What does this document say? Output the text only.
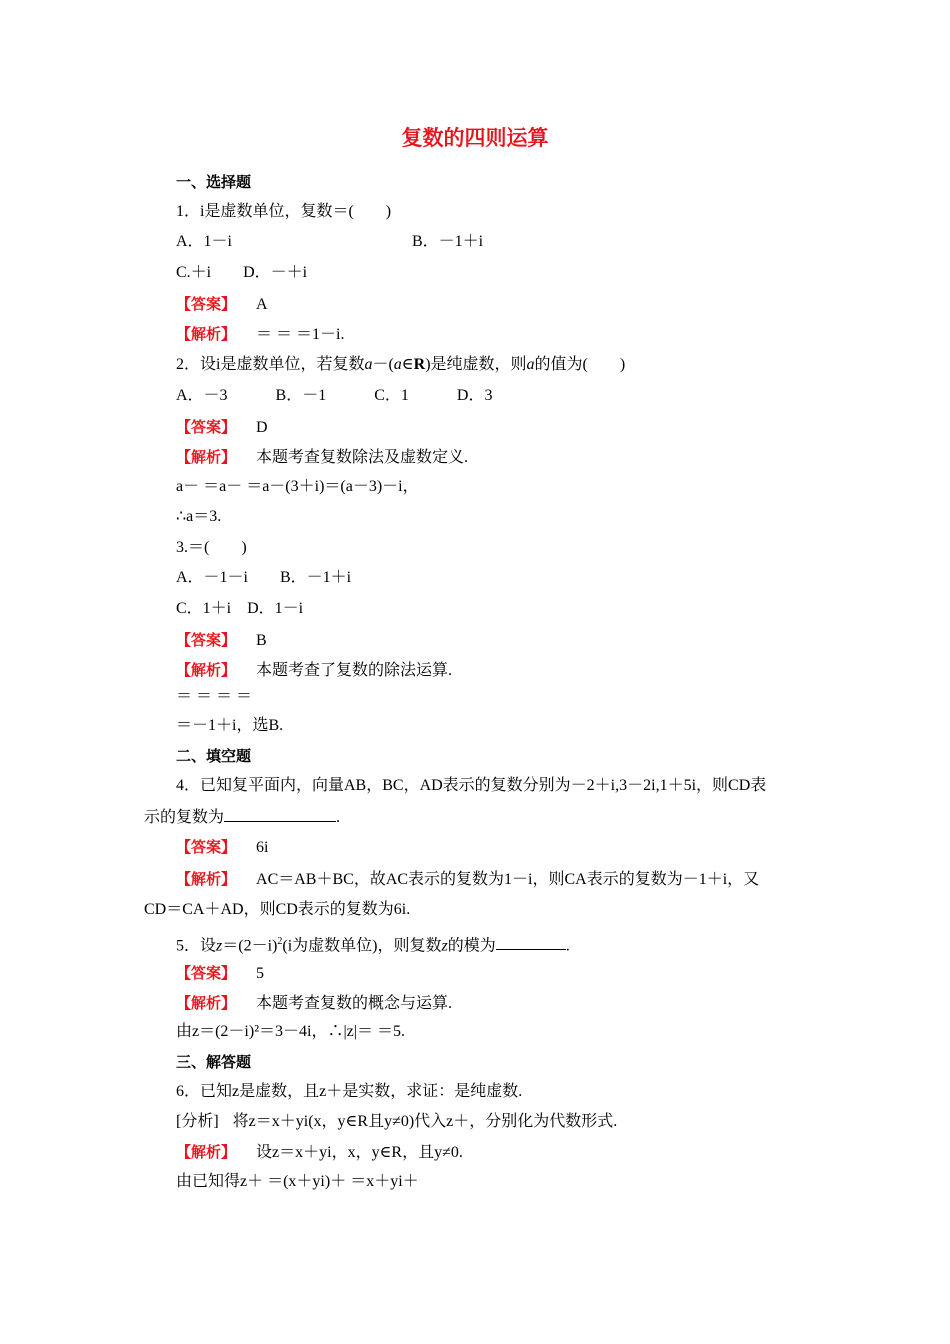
复数的四则运算
一、选择题
1．i是虚数单位，复数＝(　　)
A．1－i	B．－1＋i
C.＋i　　D．－＋i
【答案】 A
【解析】 ＝ ＝ ＝1－i.
2．设i是虚数单位，若复数a－(a∈R)是纯虚数，则a的值为(　　)
A．－3　　　B．－1　　　C．1　　　D．3
【答案】 D
【解析】 本题考查复数除法及虚数定义.
a－ ＝a－ ＝a－(3＋i)＝(a－3)－i，
∴a＝3.
3.＝(　　)
A．－1－i　　B．－1＋i
C．1＋i　D．1－i
【答案】 B
【解析】 本题考查了复数的除法运算.
＝ ＝ ＝ ＝
＝－1＋i，选B.
二、填空题
4．已知复平面内，向量AB，BC，AD表示的复数分别为－2＋i,3－2i,1＋5i，则CD表
示的复数为	.
【答案】 6i
【解析】 AC＝AB＋BC，故AC表示的复数为1－i，则CA表示的复数为－1＋i，又
CD＝CA＋AD，则CD表示的复数为6i.
5．设$z=(2-i)^2(i$为虚数单位)，则复数z的模为	.
【答案】 5
【解析】 本题考查复数的概念与运算.
由z＝(2－i)²＝3－4i，∴|z|＝ ＝5.
三、解答题
6．已知z是虚数，且z＋是实数，求证：是纯虚数.
[分析] 将z＝x＋yi(x，y∈R且y≠0)代入z＋，分别化为代数形式.
【解析】 设z＝x＋yi，x，y∈R，且y≠0.
由已知得z＋ ＝(x＋yi)＋ ＝x＋yi＋
